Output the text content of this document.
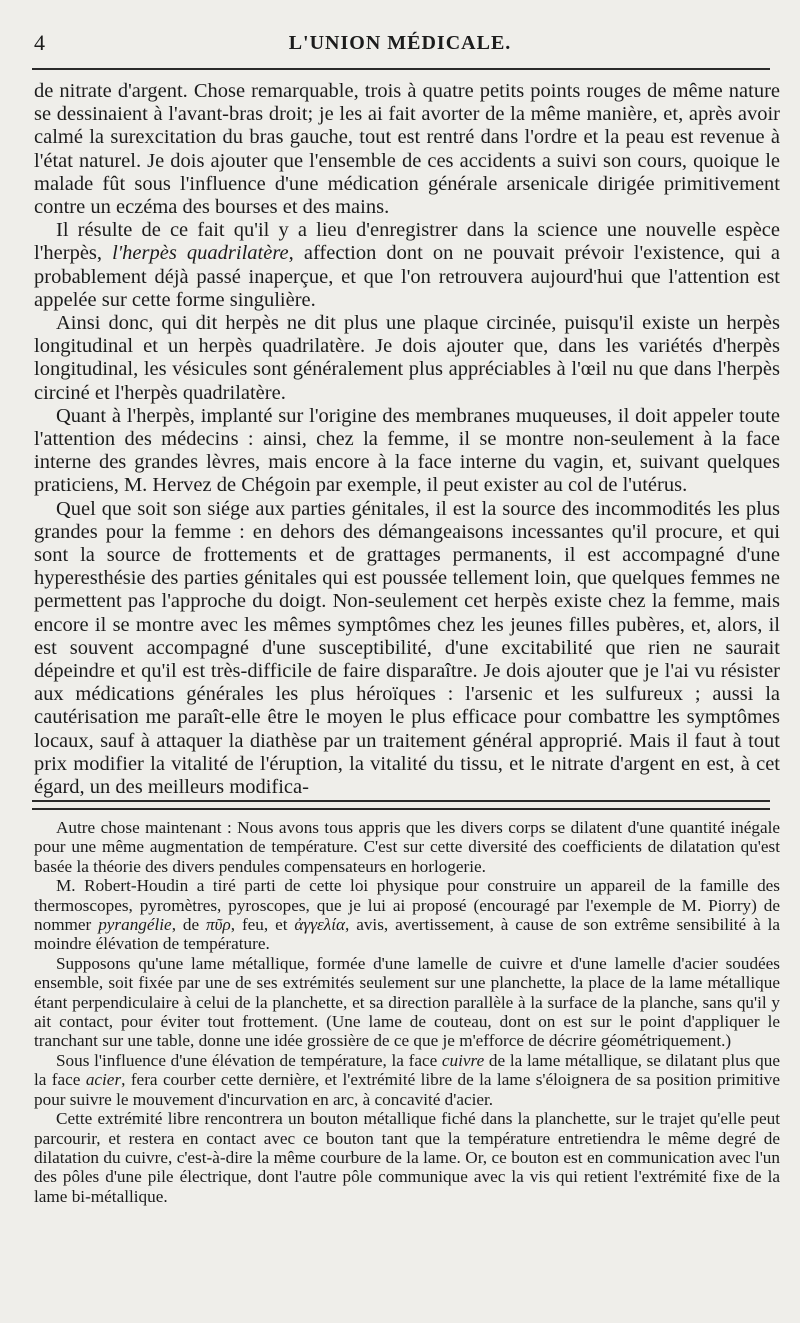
4	L'UNION MÉDICALE.

de nitrate d'argent. Chose remarquable, trois à quatre petits points rouges de même nature se dessinaient à l'avant-bras droit; je les ai fait avorter de la même manière, et, après avoir calmé la surexcitation du bras gauche, tout est rentré dans l'ordre et la peau est revenue à l'état naturel. Je dois ajouter que l'ensemble de ces accidents a suivi son cours, quoique le malade fût sous l'influence d'une médication générale arsenicale dirigée primitivement contre un eczéma des bourses et des mains.

Il résulte de ce fait qu'il y a lieu d'enregistrer dans la science une nouvelle espèce l'herpès, l'herpès quadrilatère, affection dont on ne pouvait prévoir l'existence, qui a probablement déjà passé inaperçue, et que l'on retrouvera aujourd'hui que l'attention est appelée sur cette forme singulière.

Ainsi donc, qui dit herpès ne dit plus une plaque circinée, puisqu'il existe un herpès longitudinal et un herpès quadrilatère. Je dois ajouter que, dans les variétés d'herpès longitudinal, les vésicules sont généralement plus appréciables à l'œil nu que dans l'herpès circiné et l'herpès quadrilatère.

Quant à l'herpès, implanté sur l'origine des membranes muqueuses, il doit appeler toute l'attention des médecins : ainsi, chez la femme, il se montre non-seulement à la face interne des grandes lèvres, mais encore à la face interne du vagin, et, suivant quelques praticiens, M. Hervez de Chégoin par exemple, il peut exister au col de l'utérus.

Quel que soit son siége aux parties génitales, il est la source des incommodités les plus grandes pour la femme : en dehors des démangeaisons incessantes qu'il procure, et qui sont la source de frottements et de grattages permanents, il est accompagné d'une hyperesthésie des parties génitales qui est poussée tellement loin, que quelques femmes ne permettent pas l'approche du doigt. Non-seulement cet herpès existe chez la femme, mais encore il se montre avec les mêmes symptômes chez les jeunes filles pubères, et, alors, il est souvent accompagné d'une susceptibilité, d'une excitabilité que rien ne saurait dépeindre et qu'il est très-difficile de faire disparaître. Je dois ajouter que je l'ai vu résister aux médications générales les plus héroïques : l'arsenic et les sulfureux ; aussi la cautérisation me paraît-elle être le moyen le plus efficace pour combattre les symptômes locaux, sauf à attaquer la diathèse par un traitement général approprié. Mais il faut à tout prix modifier la vitalité de l'éruption, la vitalité du tissu, et le nitrate d'argent en est, à cet égard, un des meilleurs modifica-

Autre chose maintenant : Nous avons tous appris que les divers corps se dilatent d'une quantité inégale pour une même augmentation de température. C'est sur cette diversité des coefficients de dilatation qu'est basée la théorie des divers pendules compensateurs en horlogerie.

M. Robert-Houdin a tiré parti de cette loi physique pour construire un appareil de la famille des thermoscopes, pyromètres, pyroscopes, que je lui ai proposé (encouragé par l'exemple de M. Piorry) de nommer pyrangélie, de πῦρ, feu, et ἀγγελία, avis, avertissement, à cause de son extrême sensibilité à la moindre élévation de température.

Supposons qu'une lame métallique, formée d'une lamelle de cuivre et d'une lamelle d'acier soudées ensemble, soit fixée par une de ses extrémités seulement sur une planchette, la place de la lame métallique étant perpendiculaire à celui de la planchette, et sa direction parallèle à la surface de la planche, sans qu'il y ait contact, pour éviter tout frottement. (Une lame de couteau, dont on est sur le point d'appliquer le tranchant sur une table, donne une idée grossière de ce que je m'efforce de décrire géométriquement.)

Sous l'influence d'une élévation de température, la face cuivre de la lame métallique, se dilatant plus que la face acier, fera courber cette dernière, et l'extrémité libre de la lame s'éloignera de sa position primitive pour suivre le mouvement d'incurvation en arc, à concavité d'acier.

Cette extrémité libre rencontrera un bouton métallique fiché dans la planchette, sur le trajet qu'elle peut parcourir, et restera en contact avec ce bouton tant que la température entretiendra le même degré de dilatation du cuivre, c'est-à-dire la même courbure de la lame. Or, ce bouton est en communication avec l'un des pôles d'une pile électrique, dont l'autre pôle communique avec la vis qui retient l'extrémité fixe de la lame bi-métallique.
